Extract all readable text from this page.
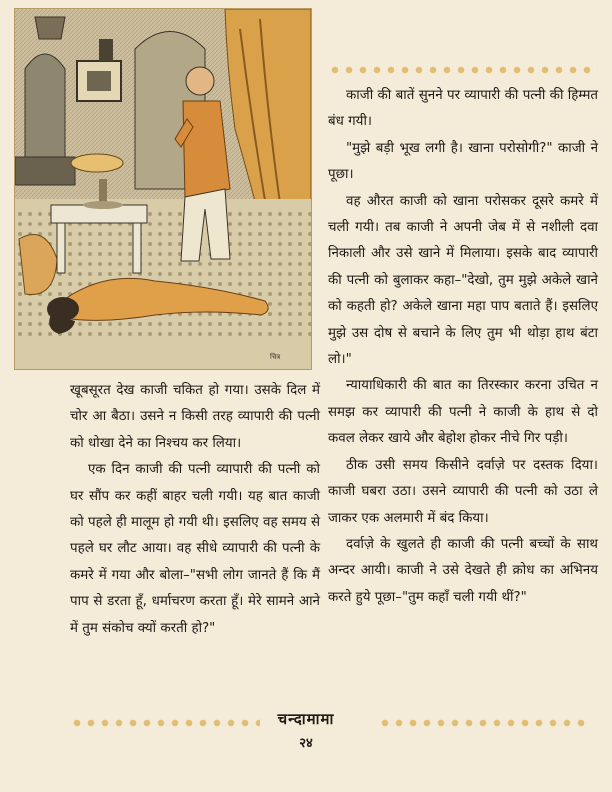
चित्र

खूबसूरत देख काजी चकित हो गया। उसके दिल में चोर आ बैठा। उसने न किसी तरह व्यापारी की पत्नी को धोखा देने का निश्चय कर लिया।

एक दिन काजी की पत्नी व्यापारी की पत्नी को घर सौंप कर कहीं बाहर चली गयी। यह बात काजी को पहले ही मालूम हो गयी थी। इसलिए वह समय से पहले घर लौट आया। वह सीधे व्यापारी की पत्नी के कमरे में गया और बोला–"सभी लोग जानते हैं कि मैं पाप से डरता हूँ, धर्माचरण करता हूँ। मेरे सामने आने में तुम संकोच क्यों करती हो?"

काजी की बातें सुनने पर व्यापारी की पत्नी की हिम्मत बंध गयी।

"मुझे बड़ी भूख लगी है। खाना परोसोगी?" काजी ने पूछा।

वह औरत काजी को खाना परोसकर दूसरे कमरे में चली गयी। तब काजी ने अपनी जेब में से नशीली दवा निकाली और उसे खाने में मिलाया। इसके बाद व्यापारी की पत्नी को बुलाकर कहा–"देखो, तुम मुझे अकेले खाने को कहती हो? अकेले खाना महा पाप बताते हैं। इसलिए मुझे उस दोष से बचाने के लिए तुम भी थोड़ा हाथ बंटा लो।"

न्यायाधिकारी की बात का तिरस्कार करना उचित न समझ कर व्यापारी की पत्नी ने काजी के हाथ से दो कवल लेकर खाये और बेहोश होकर नीचे गिर पड़ी।

ठीक उसी समय किसीने दर्वाज़े पर दस्तक दिया। काजी घबरा उठा। उसने व्यापारी की पत्नी को उठा ले जाकर एक अलमारी में बंद किया।

दर्वाज़े के खुलते ही काजी की पत्नी बच्चों के साथ अन्दर आयी। काजी ने उसे देखते ही क्रोध का अभिनय करते हुये पूछा–"तुम कहाँ चली गयी थीं?"

चन्दामामा
२४
